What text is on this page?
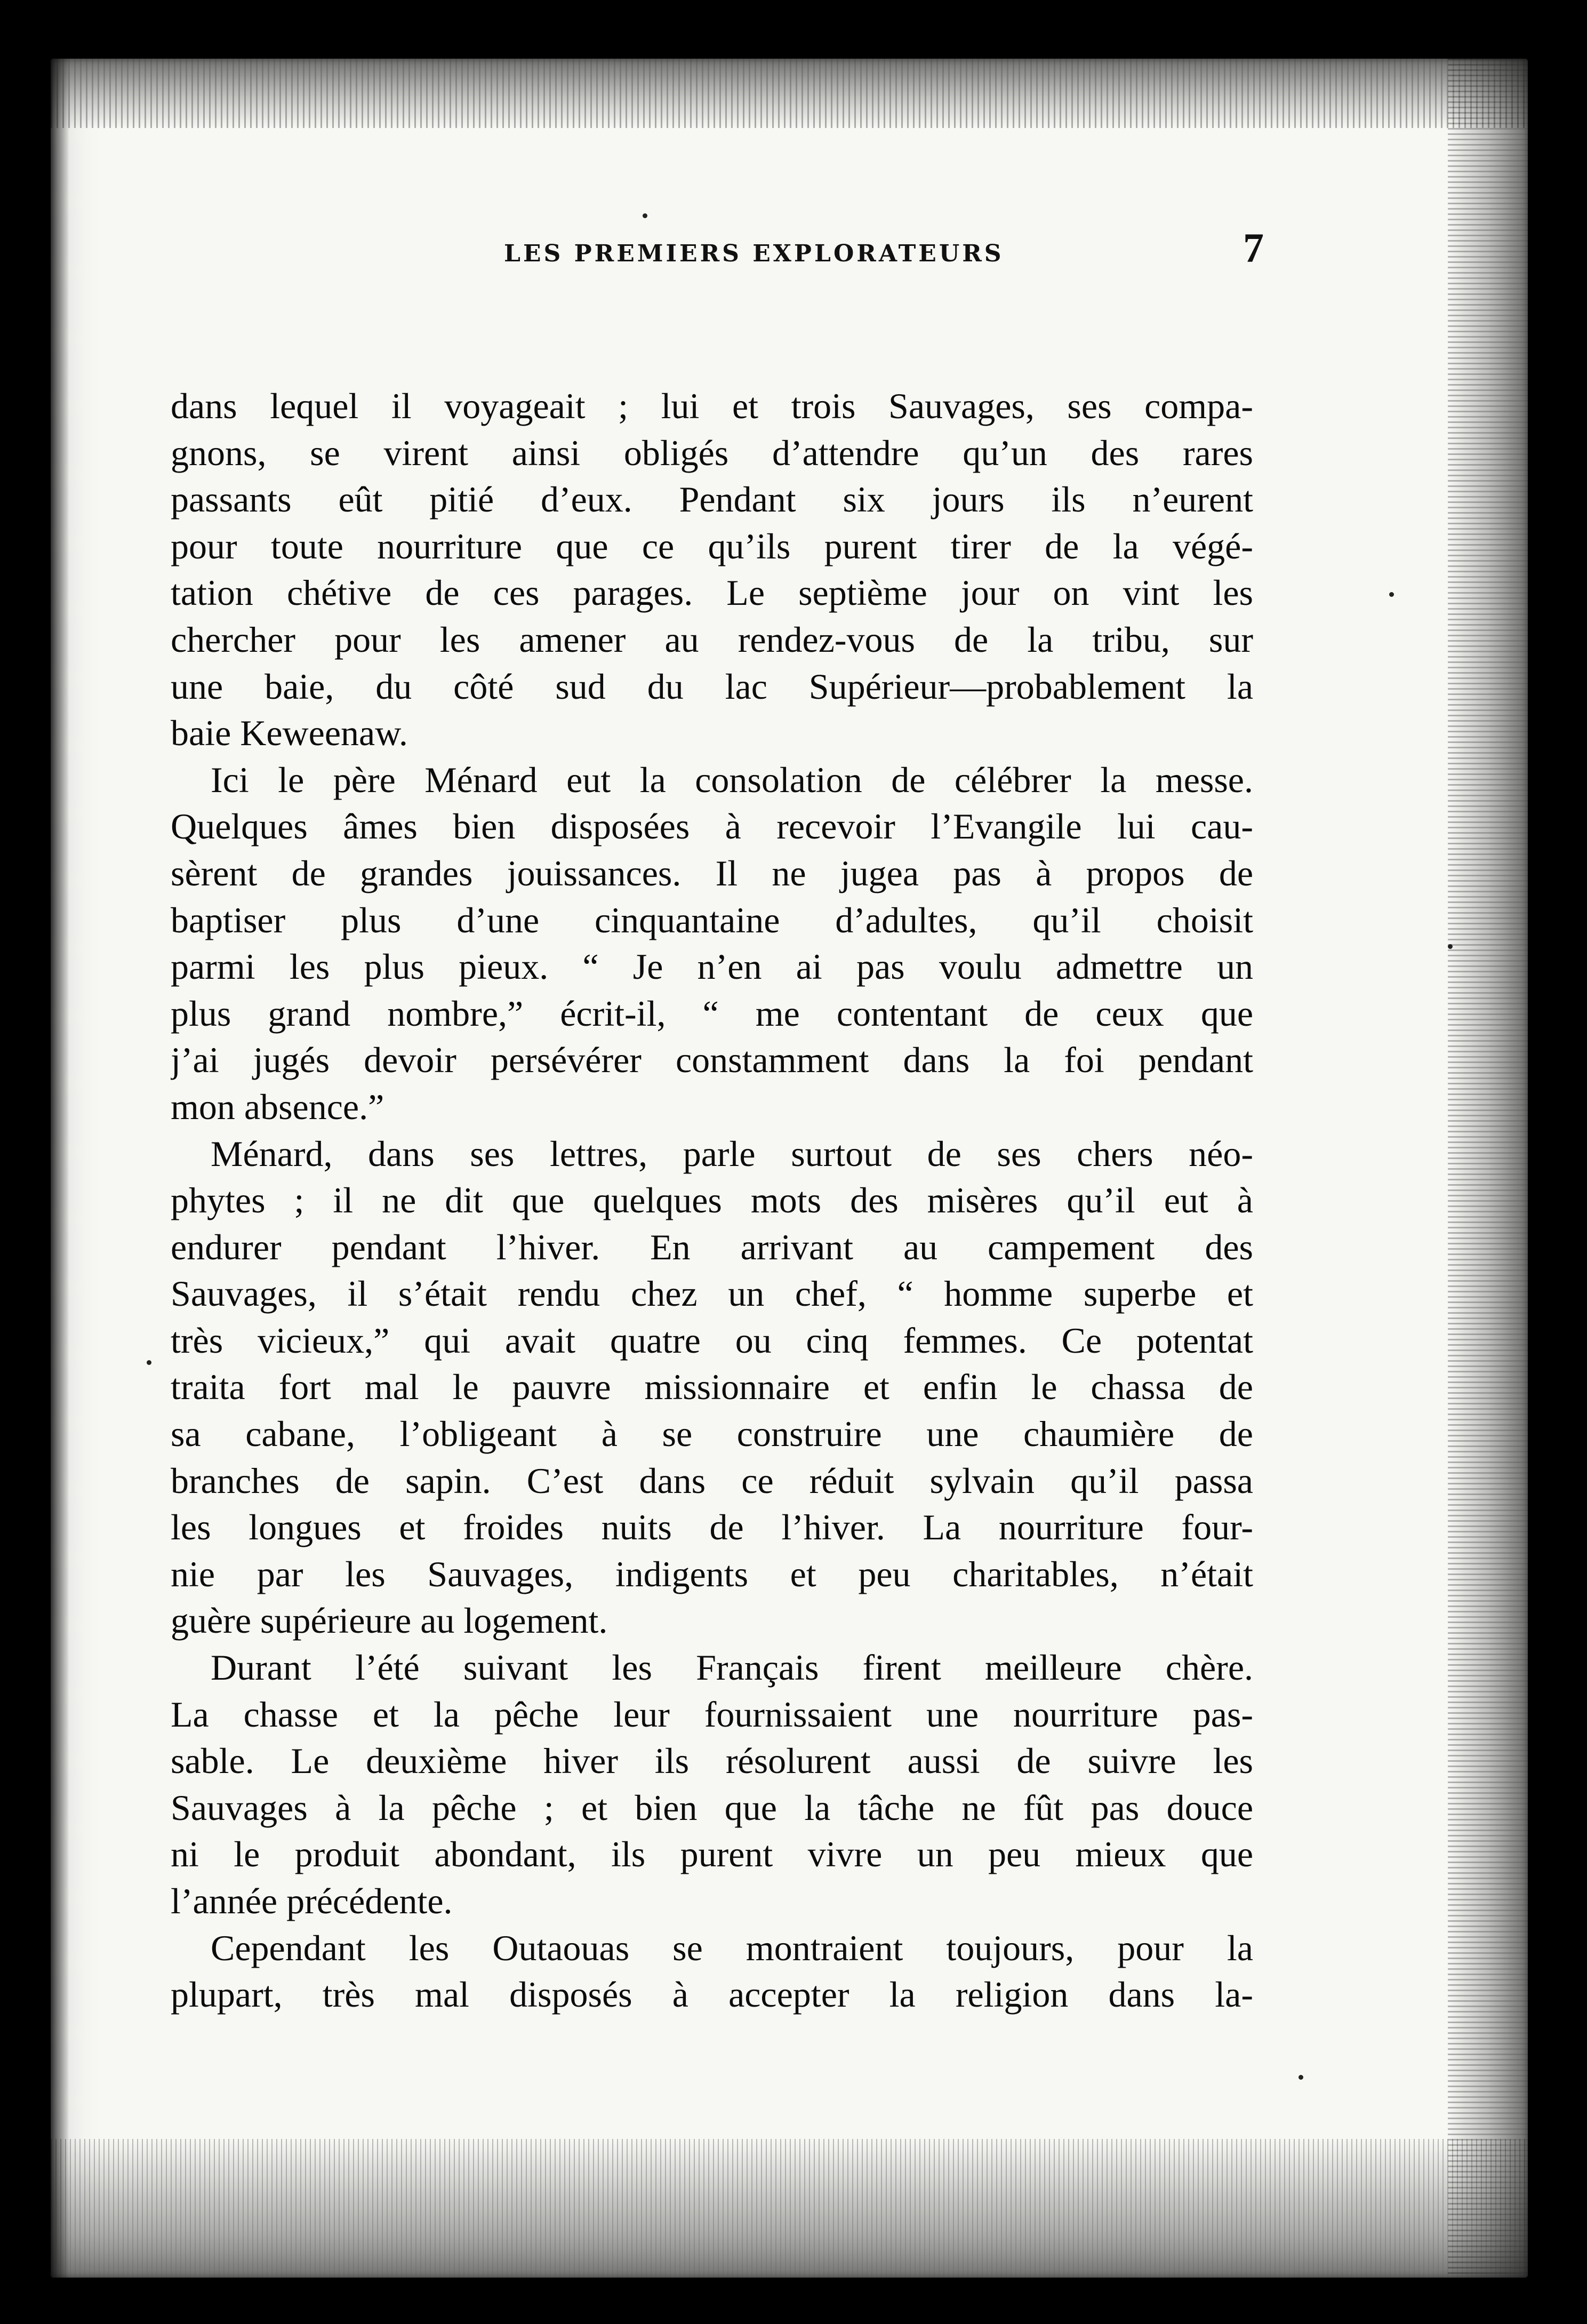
LES PREMIERS EXPLORATEURS	7
dans lequel il voyageait ; lui et trois Sauvages, ses compa-
gnons, se virent ainsi obligés d’attendre qu’un des rares
passants eût pitié d’eux. Pendant six jours ils n’eurent
pour toute nourriture que ce qu’ils purent tirer de la végé-
tation chétive de ces parages. Le septième jour on vint les
chercher pour les amener au rendez-vous de la tribu, sur
une baie, du côté sud du lac Supérieur—probablement la
baie Keweenaw.
Ici le père Ménard eut la consolation de célébrer la messe.
Quelques âmes bien disposées à recevoir l’Evangile lui cau-
sèrent de grandes jouissances. Il ne jugea pas à propos de
baptiser plus d’une cinquantaine d’adultes, qu’il choisit
parmi les plus pieux. “ Je n’en ai pas voulu admettre un
plus grand nombre,” écrit-il, “ me contentant de ceux que
j’ai jugés devoir persévérer constamment dans la foi pendant
mon absence.”
Ménard, dans ses lettres, parle surtout de ses chers néo-
phytes ; il ne dit que quelques mots des misères qu’il eut à
endurer pendant l’hiver. En arrivant au campement des
Sauvages, il s’était rendu chez un chef, “ homme superbe et
très vicieux,” qui avait quatre ou cinq femmes. Ce potentat
traita fort mal le pauvre missionnaire et enfin le chassa de
sa cabane, l’obligeant à se construire une chaumière de
branches de sapin. C’est dans ce réduit sylvain qu’il passa
les longues et froides nuits de l’hiver. La nourriture four-
nie par les Sauvages, indigents et peu charitables, n’était
guère supérieure au logement.
Durant l’été suivant les Français firent meilleure chère.
La chasse et la pêche leur fournissaient une nourriture pas-
sable. Le deuxième hiver ils résolurent aussi de suivre les
Sauvages à la pêche ; et bien que la tâche ne fût pas douce
ni le produit abondant, ils purent vivre un peu mieux que
l’année précédente.
Cependant les Outaouas se montraient toujours, pour la
plupart, très mal disposés à accepter la religion dans la-
